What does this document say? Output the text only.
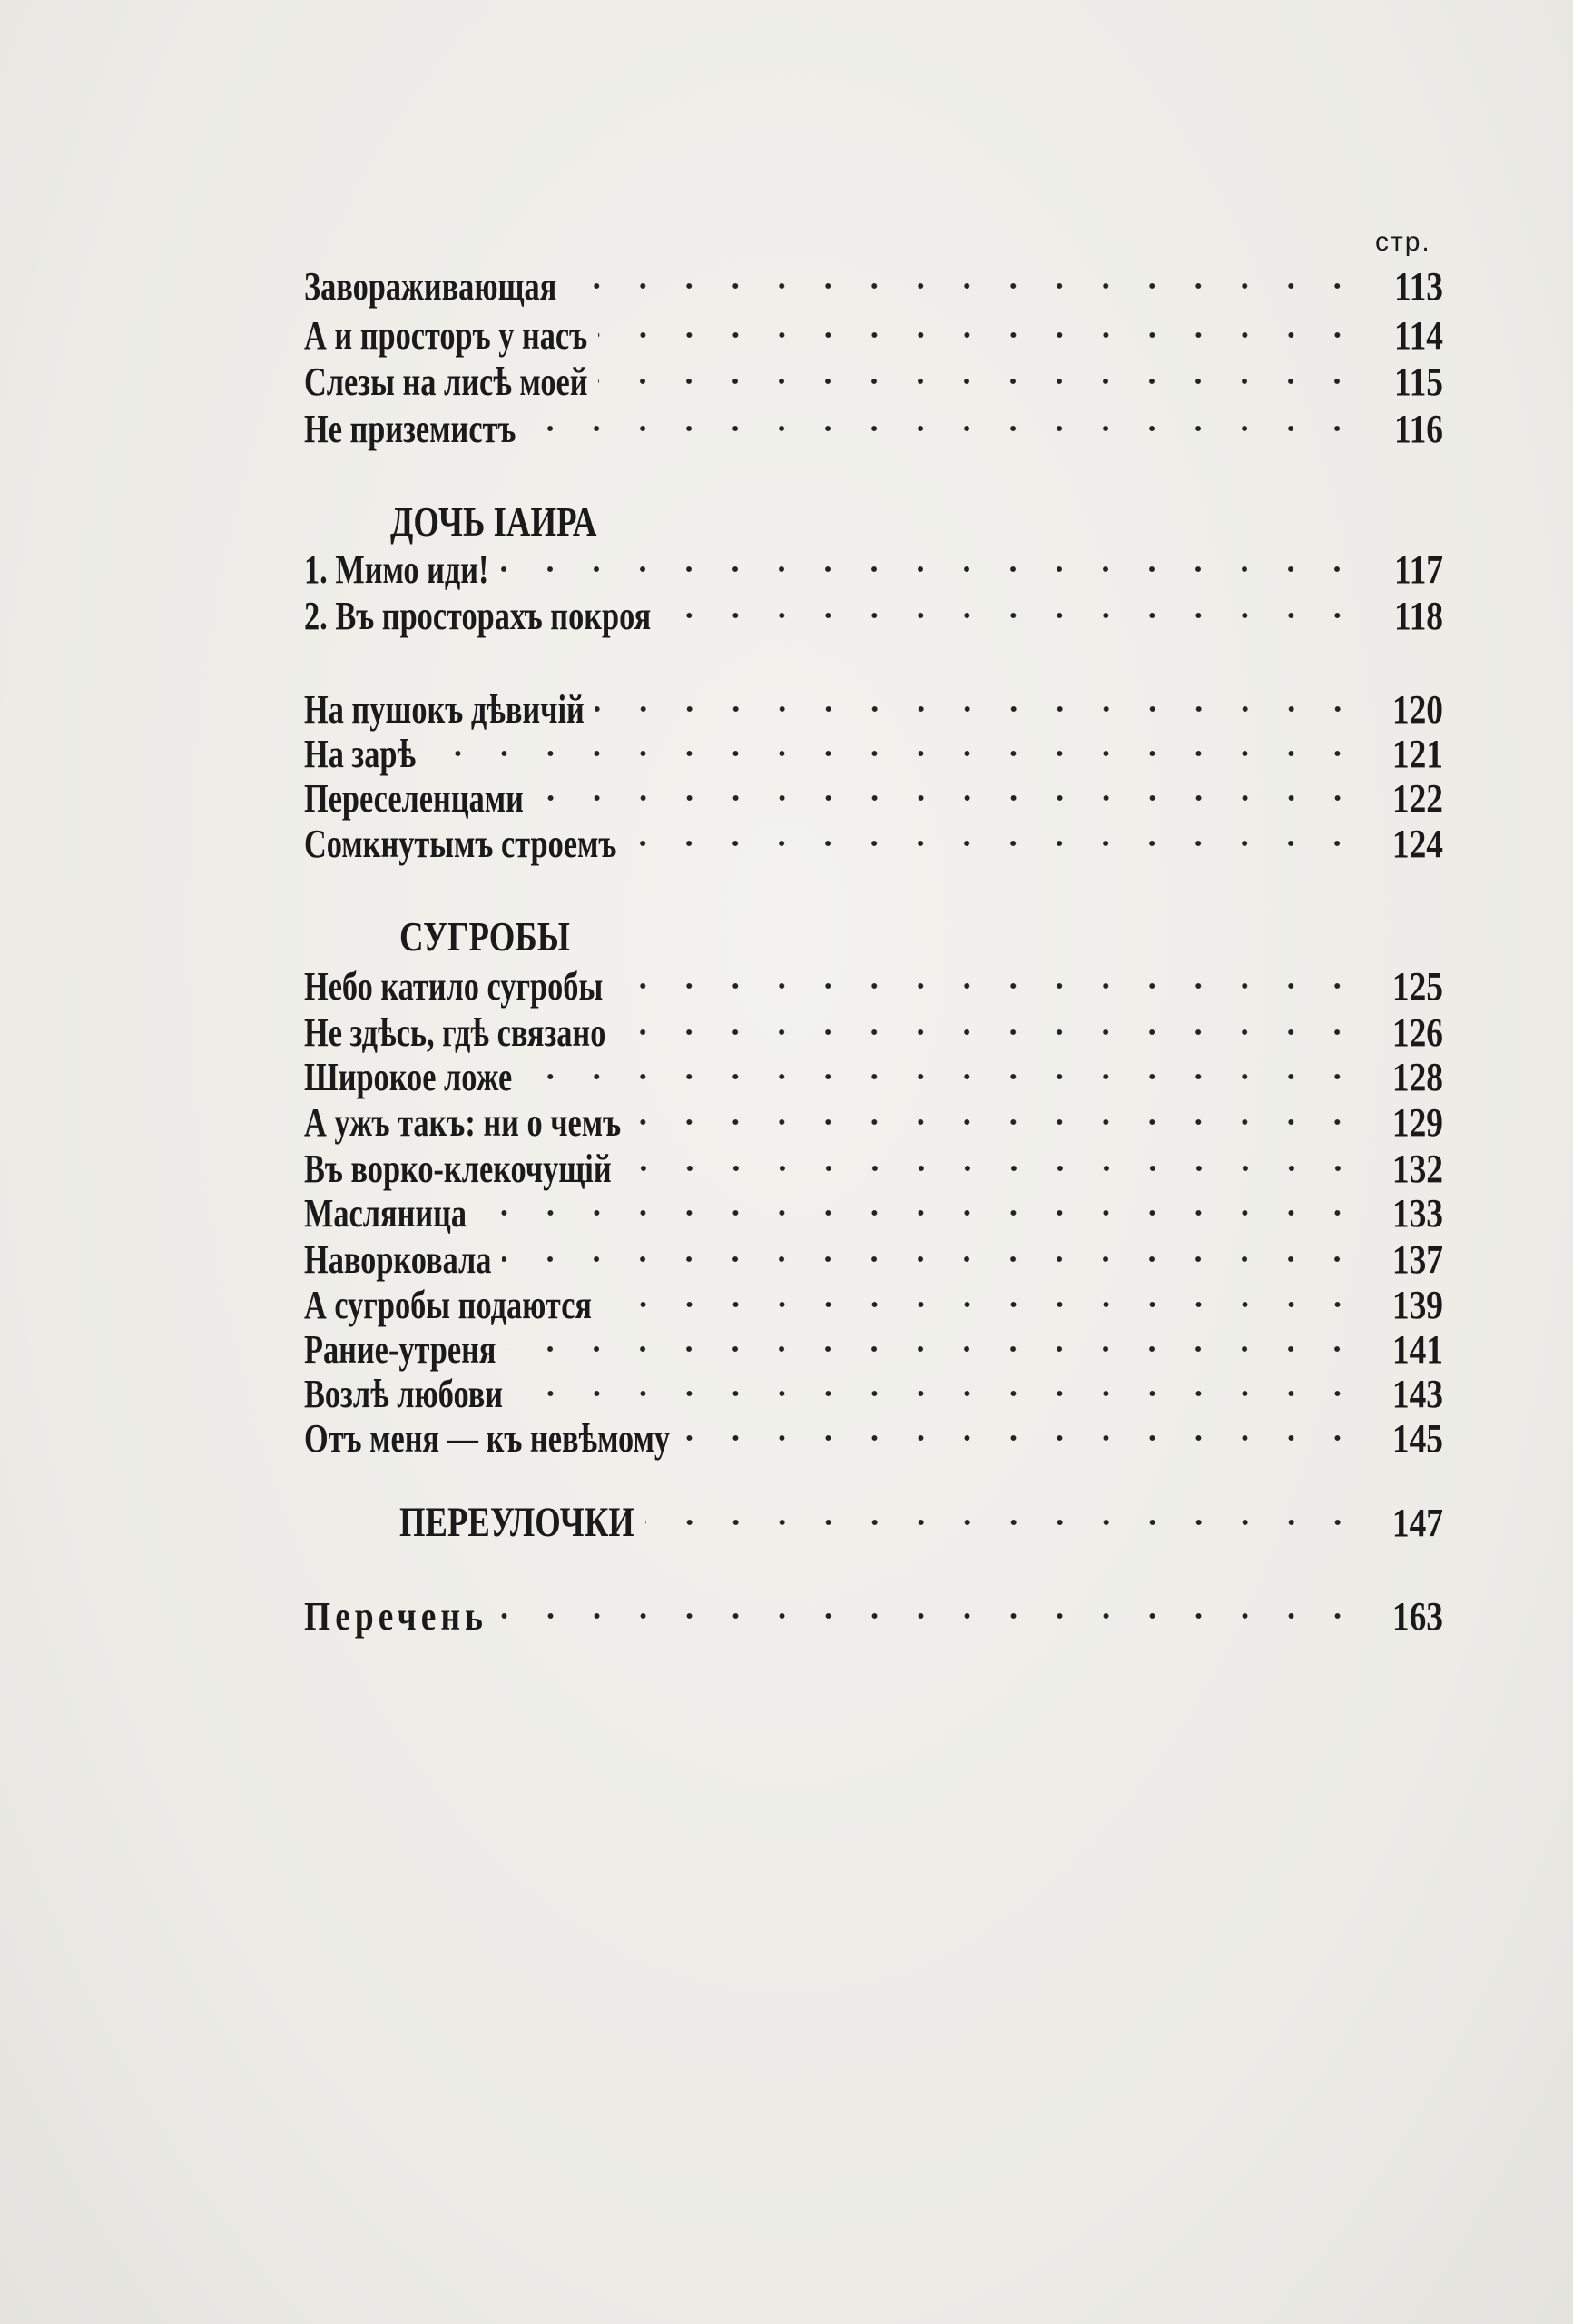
стр.
Завораживающая	113
А и просторъ у насъ	114
Слезы на лисѣ моей	115
Не приземистъ	116
ДОЧЬ ІАИРА
1. Мимо иди!	117
2. Въ просторахъ покроя	118
На пушокъ дѣвичій	120
На зарѣ	121
Переселенцами	122
Сомкнутымъ строемъ	124
СУГРОБЫ
Небо катило сугробы	125
Не здѣсь, гдѣ связано	126
Широкое ложе	128
А ужъ такъ: ни о чемъ	129
Въ ворко-клекочущій	132
Масляница	133
Наворковала	137
А сугробы подаются	139
Рание-утреня	141
Возлѣ любови	143
Отъ меня — къ невѣмому	145
ПЕРЕУЛОЧКИ	147
Перечень	163
